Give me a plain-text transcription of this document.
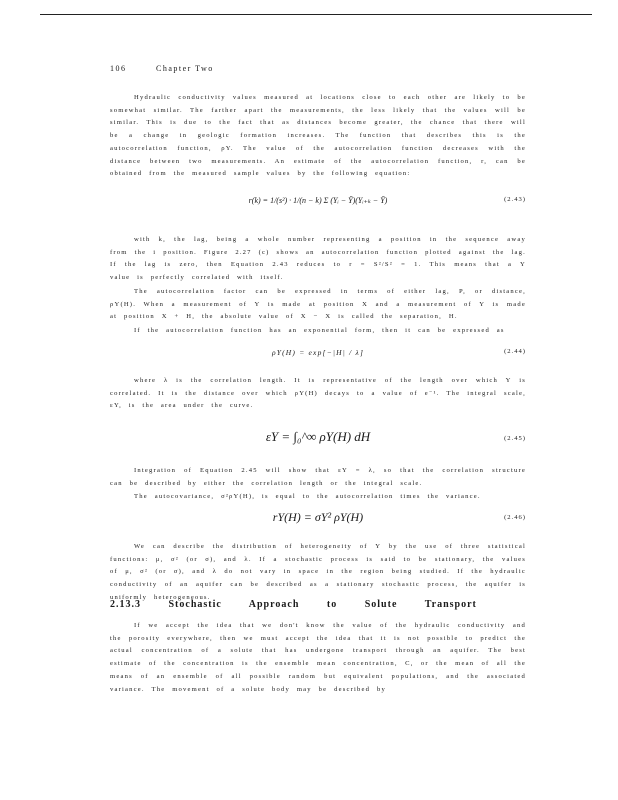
106	Chapter Two

Hydraulic conductivity values measured at locations close to each other are likely to be somewhat similar. The farther apart the measurements, the less likely that the values will be similar. This is due to the fact that as distances become greater, the chance that there will be a change in geologic formation increases. The function that describes this is the autocorrelation function, ρY. The value of the autocorrelation function decreases with the distance between two measurements. An estimate of the autocorrelation function, r, can be obtained from the measured sample values by the following equation:

r(k) = 1/(s²) · 1/(n − k) Σ (Yᵢ − Ȳ)(Yᵢ₊ₖ − Ȳ)	(2.43)

with k, the lag, being a whole number representing a position in the sequence away from the i position. Figure 2.27 (c) shows an autocorrelation function plotted against the lag. If the lag is zero, then Equation 2.43 reduces to r = S²/S² = 1. This means that a Y value is perfectly correlated with itself.

The autocorrelation factor can be expressed in terms of either lag, P, or distance, ρY(H). When a measurement of Y is made at position X and a measurement of Y is made at position X + H, the absolute value of X − X is called the separation, H.

If the autocorrelation function has an exponential form, then it can be expressed as

ρY(H) = exp[−|H| / λ]	(2.44)

where λ is the correlation length. It is representative of the length over which Y is correlated. It is the distance over which ρY(H) decays to a value of e⁻¹. The integral scale, εY, is the area under the curve.

εY = ∫₀^∞ ρY(H) dH	(2.45)

Integration of Equation 2.45 will show that εY = λ, so that the correlation structure can be described by either the correlation length or the integral scale.

The autocovariance, σ²ρY(H), is equal to the autocorrelation times the variance.

rY(H) = σY² ρY(H)	(2.46)

We can describe the distribution of heterogeneity of Y by the use of three statistical functions: μ, σ² (or σ), and λ. If a stochastic process is said to be stationary, the values of μ, σ² (or σ), and λ do not vary in space in the region being studied. If the hydraulic conductivity of an aquifer can be described as a stationary stochastic process, the aquifer is uniformly heterogeneous.

2.13.3	Stochastic Approach to Solute Transport

If we accept the idea that we don't know the value of the hydraulic conductivity and the porosity everywhere, then we must accept the idea that it is not possible to predict the actual concentration of a solute that has undergone transport through an aquifer. The best estimate of the concentration is the ensemble mean concentration, C, or the mean of all the means of an ensemble of all possible random but equivalent populations, and the associated variance. The movement of a solute body may be described by
